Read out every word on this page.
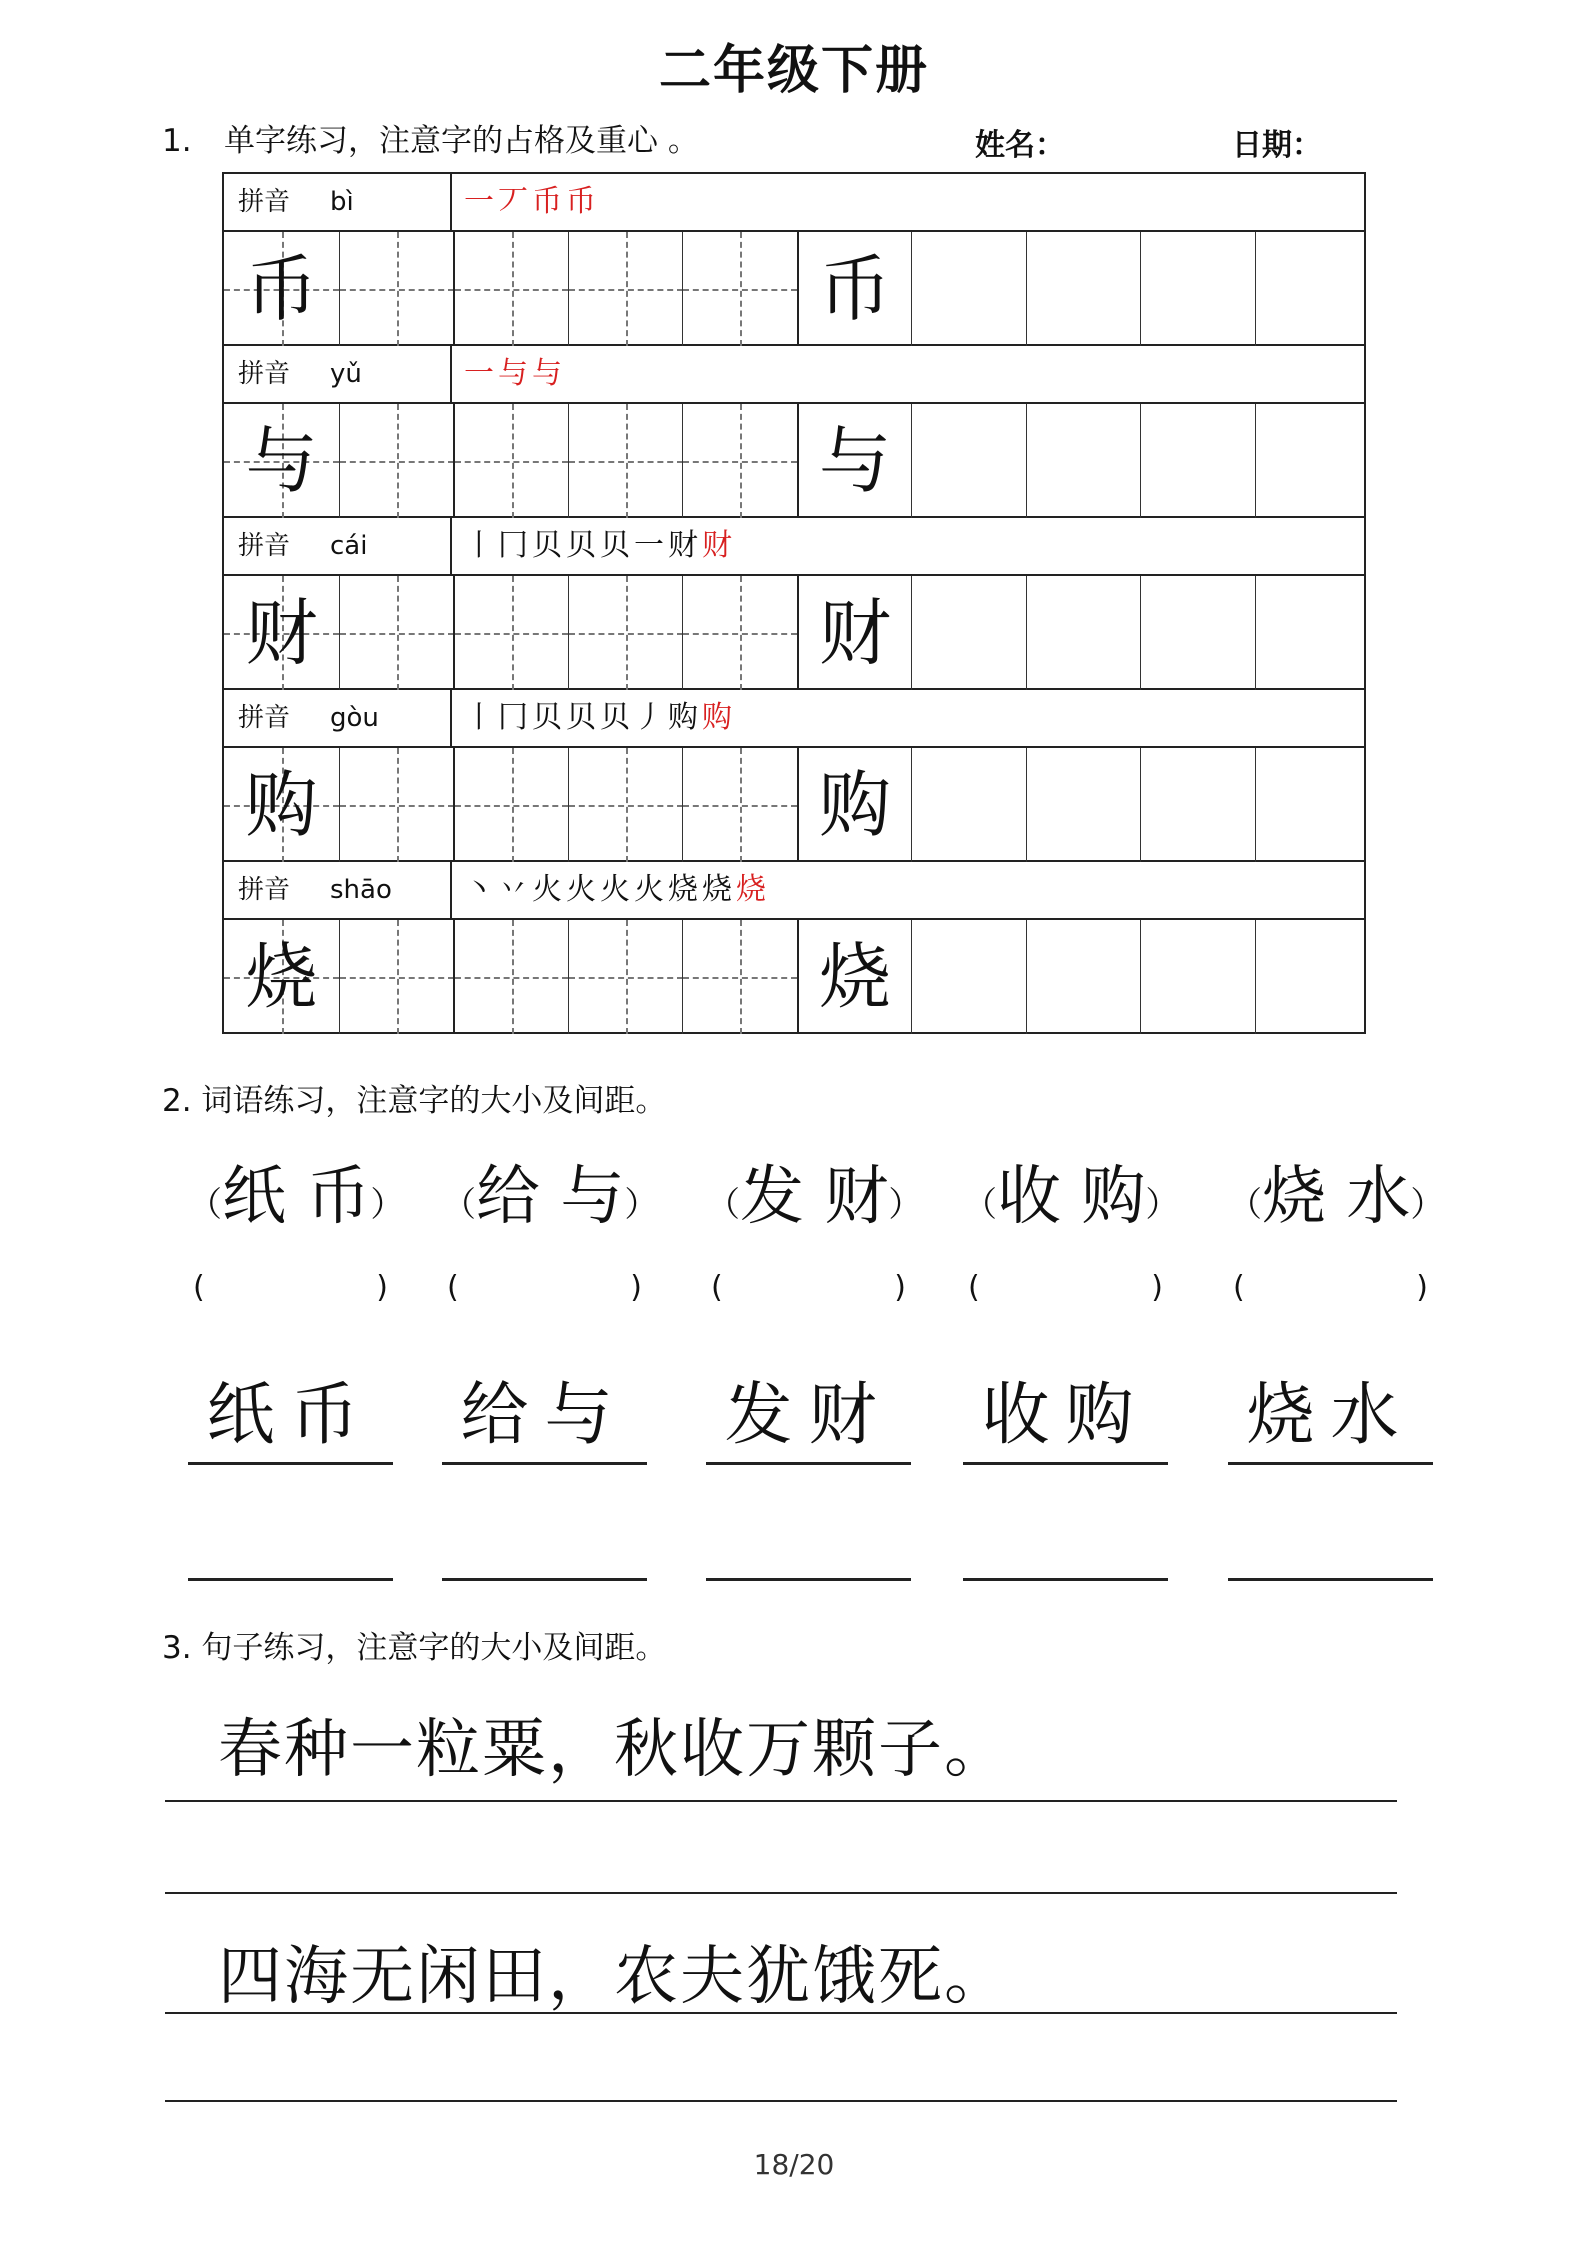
二年级下册
1. 单字练习，注意字的占格及重心 。	姓名：	日期：
拼音 bì	一丆币币
币	币
拼音 yǔ	一与与
与	与
拼音 cái	丨冂贝贝贝一财财
财	财
拼音 gòu	丨冂贝贝贝丿购购
购	购
拼音 shāo	丶丷火火火火烧烧烧
烧	烧
2. 词语练习，注意字的大小及间距。
（纸 币）
(	)
纸币
（给 与）
(	)
给与
（发 财）
(	)
发财
（收 购）
(	)
收购
（烧 水）
(	)
烧水
3. 句子练习，注意字的大小及间距。
春种一粒粟，秋收万颗子。
四海无闲田，农夫犹饿死。
18/20
